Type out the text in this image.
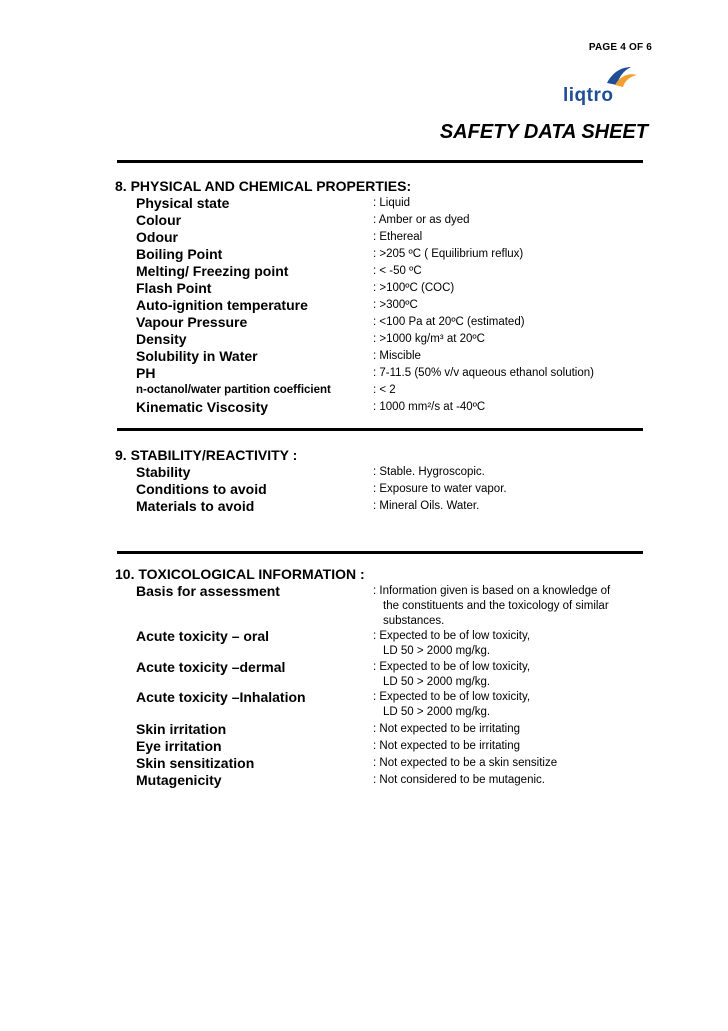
PAGE 4 OF 6
liqtro
SAFETY DATA SHEET
8. PHYSICAL AND CHEMICAL PROPERTIES:
Physical state	: Liquid
Colour	: Amber or as dyed
Odour	: Ethereal
Boiling Point	: >205 ºC ( Equilibrium reflux)
Melting/ Freezing point	: < -50 ºC
Flash Point	: >100ºC (COC)
Auto-ignition temperature	: >300ºC
Vapour Pressure	: <100 Pa at 20ºC (estimated)
Density	: >1000 kg/m³ at 20ºC
Solubility in Water	: Miscible
PH	: 7-11.5 (50% v/v aqueous ethanol solution)
n-octanol/water partition coefficient	: < 2
Kinematic Viscosity	: 1000 mm²/s at -40ºC
9. STABILITY/REACTIVITY :
Stability	: Stable. Hygroscopic.
Conditions to avoid	: Exposure to water vapor.
Materials to avoid	: Mineral Oils. Water.
10. TOXICOLOGICAL INFORMATION :
Basis for assessment	: Information given is based on a knowledge of
the constituents and the toxicology of similar
substances.
Acute toxicity – oral	: Expected to be of low toxicity,
LD 50 > 2000 mg/kg.
Acute toxicity –dermal	: Expected to be of low toxicity,
LD 50 > 2000 mg/kg.
Acute toxicity –Inhalation	: Expected to be of low toxicity,
LD 50 > 2000 mg/kg.
Skin irritation	: Not expected to be irritating
Eye irritation	: Not expected to be irritating
Skin sensitization	: Not expected to be a skin sensitize
Mutagenicity	: Not considered to be mutagenic.
